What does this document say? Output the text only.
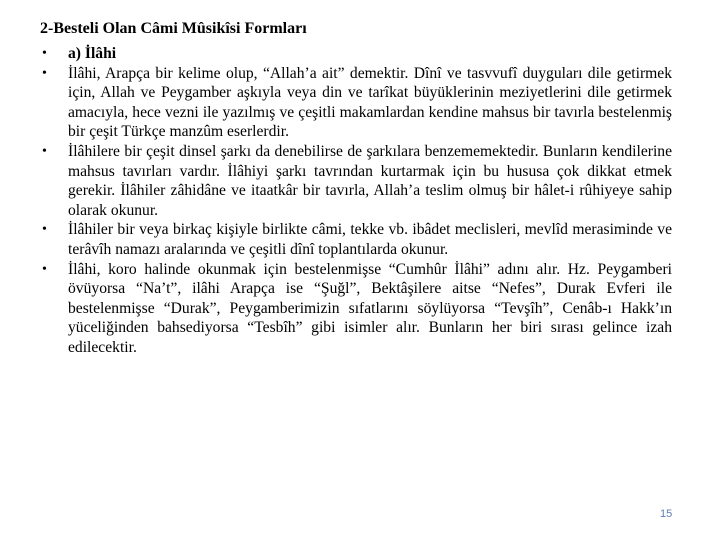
2-Besteli Olan Câmi Mûsikîsi Formları
• a) İlâhi
• İlâhi, Arapça bir kelime olup, “Allah’a ait” demektir. Dînî ve tasvvufî duyguları dile getirmek için, Allah ve Peygamber aşkıyla veya din ve tarîkat büyüklerinin meziyetlerini dile getirmek amacıyla, hece vezni ile yazılmış ve çeşitli makamlardan kendine mahsus bir tavırla bestelenmiş bir çeşit Türkçe manzûm eserlerdir.
• İlâhilere bir çeşit dinsel şarkı da denebilirse de şarkılara benzememektedir. Bunların kendilerine mahsus tavırları vardır. İlâhiyi şarkı tavrından kurtarmak için bu hususa çok dikkat etmek gerekir. İlâhiler zâhidâne ve itaatkâr bir tavırla, Allah’a teslim olmuş bir hâlet-i rûhiyeye sahip olarak okunur.
• İlâhiler bir veya birkaç kişiyle birlikte câmi, tekke vb. ibâdet meclisleri, mevlîd merasiminde ve terâvîh namazı aralarında ve çeşitli dînî toplantılarda okunur.
• İlâhi, koro halinde okunmak için bestelenmişse “Cumhûr İlâhi” adını alır. Hz. Peygamberi övüyorsa “Na’t”, ilâhi Arapça ise “Şuğl”, Bektâşilere aitse “Nefes”, Durak Evferi ile bestelenmişse “Durak”, Peygamberimizin sıfatlarını söylüyorsa “Tevşîh”, Cenâb-ı Hakk’ın yüceliğinden bahsediyorsa “Tesbîh” gibi isimler alır. Bunların her biri sırası gelince izah edilecektir.
15
